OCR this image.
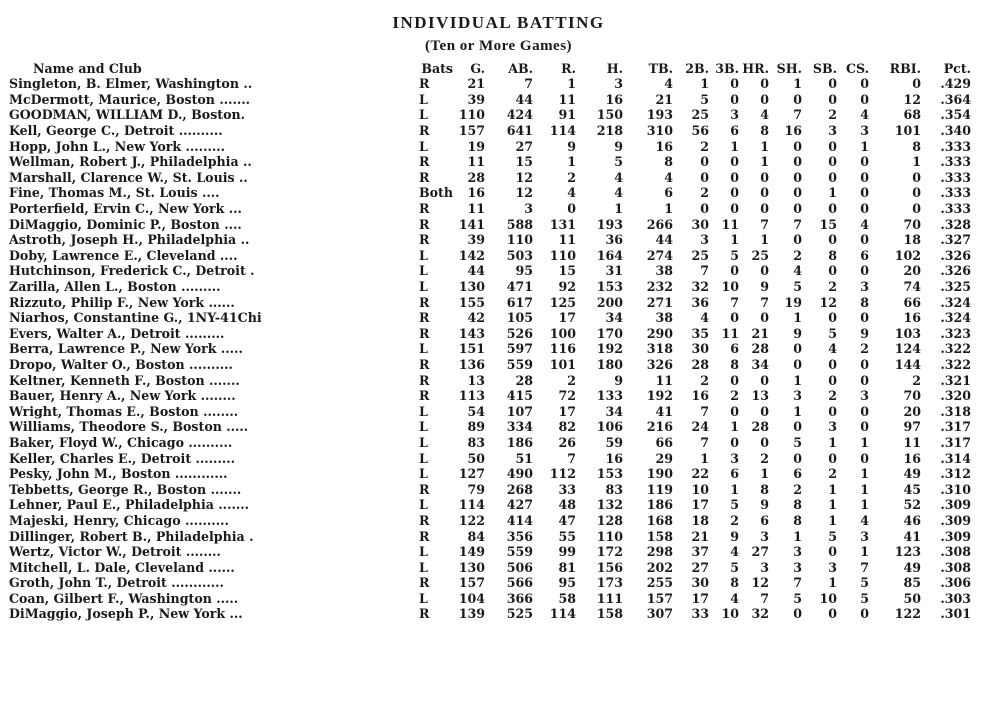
INDIVIDUAL BATTING
(Ten or More Games)
Name and Club	Bats	G.	AB.	R.	H.	TB.	2B.	3B.	HR.	SH.	SB.	CS.	RBI.	Pct.
Singleton, B. Elmer, Washington ..	R	21	7	1	3	4	1	0	0	1	0	0	0	.429
McDermott, Maurice, Boston .......	L	39	44	11	16	21	5	0	0	0	0	0	12	.364
GOODMAN, WILLIAM D., Boston.	L	110	424	91	150	193	25	3	4	7	2	4	68	.354
Kell, George C., Detroit ..........	R	157	641	114	218	310	56	6	8	16	3	3	101	.340
Hopp, John L., New York .........	L	19	27	9	9	16	2	1	1	0	0	1	8	.333
Wellman, Robert J., Philadelphia ..	R	11	15	1	5	8	0	0	1	0	0	0	1	.333
Marshall, Clarence W., St. Louis ..	R	28	12	2	4	4	0	0	0	0	0	0	0	.333
Fine, Thomas M., St. Louis ....	Both	16	12	4	4	6	2	0	0	0	1	0	0	.333
Porterfield, Ervin C., New York ...	R	11	3	0	1	1	0	0	0	0	0	0	0	.333
DiMaggio, Dominic P., Boston ....	R	141	588	131	193	266	30	11	7	7	15	4	70	.328
Astroth, Joseph H., Philadelphia ..	R	39	110	11	36	44	3	1	1	0	0	0	18	.327
Doby, Lawrence E., Cleveland ....	L	142	503	110	164	274	25	5	25	2	8	6	102	.326
Hutchinson, Frederick C., Detroit .	L	44	95	15	31	38	7	0	0	4	0	0	20	.326
Zarilla, Allen L., Boston .........	L	130	471	92	153	232	32	10	9	5	2	3	74	.325
Rizzuto, Philip F., New York ......	R	155	617	125	200	271	36	7	7	19	12	8	66	.324
Niarhos, Constantine G., 1NY-41Chi	R	42	105	17	34	38	4	0	0	1	0	0	16	.324
Evers, Walter A., Detroit .........	R	143	526	100	170	290	35	11	21	9	5	9	103	.323
Berra, Lawrence P., New York .....	L	151	597	116	192	318	30	6	28	0	4	2	124	.322
Dropo, Walter O., Boston ..........	R	136	559	101	180	326	28	8	34	0	0	0	144	.322
Keltner, Kenneth F., Boston .......	R	13	28	2	9	11	2	0	0	1	0	0	2	.321
Bauer, Henry A., New York ........	R	113	415	72	133	192	16	2	13	3	2	3	70	.320
Wright, Thomas E., Boston ........	L	54	107	17	34	41	7	0	0	1	0	0	20	.318
Williams, Theodore S., Boston .....	L	89	334	82	106	216	24	1	28	0	3	0	97	.317
Baker, Floyd W., Chicago ..........	L	83	186	26	59	66	7	0	0	5	1	1	11	.317
Keller, Charles E., Detroit .........	L	50	51	7	16	29	1	3	2	0	0	0	16	.314
Pesky, John M., Boston ............	L	127	490	112	153	190	22	6	1	6	2	1	49	.312
Tebbetts, George R., Boston .......	R	79	268	33	83	119	10	1	8	2	1	1	45	.310
Lehner, Paul E., Philadelphia .......	L	114	427	48	132	186	17	5	9	8	1	1	52	.309
Majeski, Henry, Chicago ..........	R	122	414	47	128	168	18	2	6	8	1	4	46	.309
Dillinger, Robert B., Philadelphia .	R	84	356	55	110	158	21	9	3	1	5	3	41	.309
Wertz, Victor W., Detroit ........	L	149	559	99	172	298	37	4	27	3	0	1	123	.308
Mitchell, L. Dale, Cleveland ......	L	130	506	81	156	202	27	5	3	3	3	7	49	.308
Groth, John T., Detroit ............	R	157	566	95	173	255	30	8	12	7	1	5	85	.306
Coan, Gilbert F., Washington .....	L	104	366	58	111	157	17	4	7	5	10	5	50	.303
DiMaggio, Joseph P., New York ...	R	139	525	114	158	307	33	10	32	0	0	0	122	.301
